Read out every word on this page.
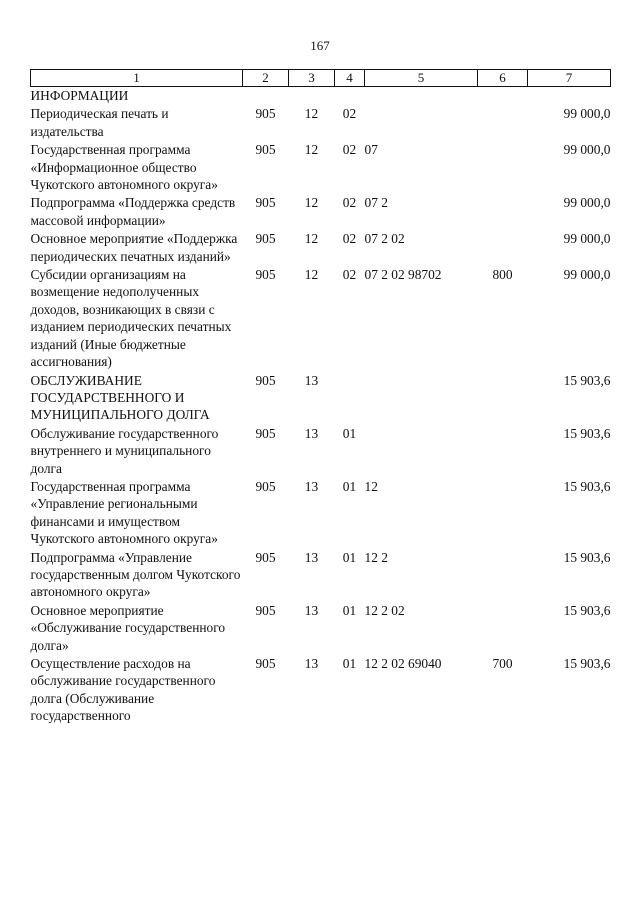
167
1	2	3	4	5	6	7
ИНФОРМАЦИИ						
Периодическая печать и издательства	905	12	02			99 000,0
Государственная программа «Информационное общество Чукотского автономного округа»	905	12	02	07		99 000,0
Подпрограмма «Поддержка средств массовой информации»	905	12	02	07 2		99 000,0
Основное мероприятие «Поддержка периодических печатных изданий»	905	12	02	07 2 02		99 000,0
Субсидии организациям на возмещение недополученных доходов, возникающих в связи с изданием периодических печатных изданий (Иные бюджетные ассигнования)	905	12	02	07 2 02 98702	800	99 000,0
ОБСЛУЖИВАНИЕ ГОСУДАРСТВЕННОГО И МУНИЦИПАЛЬНОГО ДОЛГА	905	13				15 903,6
Обслуживание государственного внутреннего и муниципального долга	905	13	01			15 903,6
Государственная программа «Управление региональными финансами и имуществом Чукотского автономного округа»	905	13	01	12		15 903,6
Подпрограмма «Управление государственным долгом Чукотского автономного округа»	905	13	01	12 2		15 903,6
Основное мероприятие «Обслуживание государственного долга»	905	13	01	12 2 02		15 903,6
Осуществление расходов на обслуживание государственного долга (Обслуживание государственного	905	13	01	12 2 02 69040	700	15 903,6
